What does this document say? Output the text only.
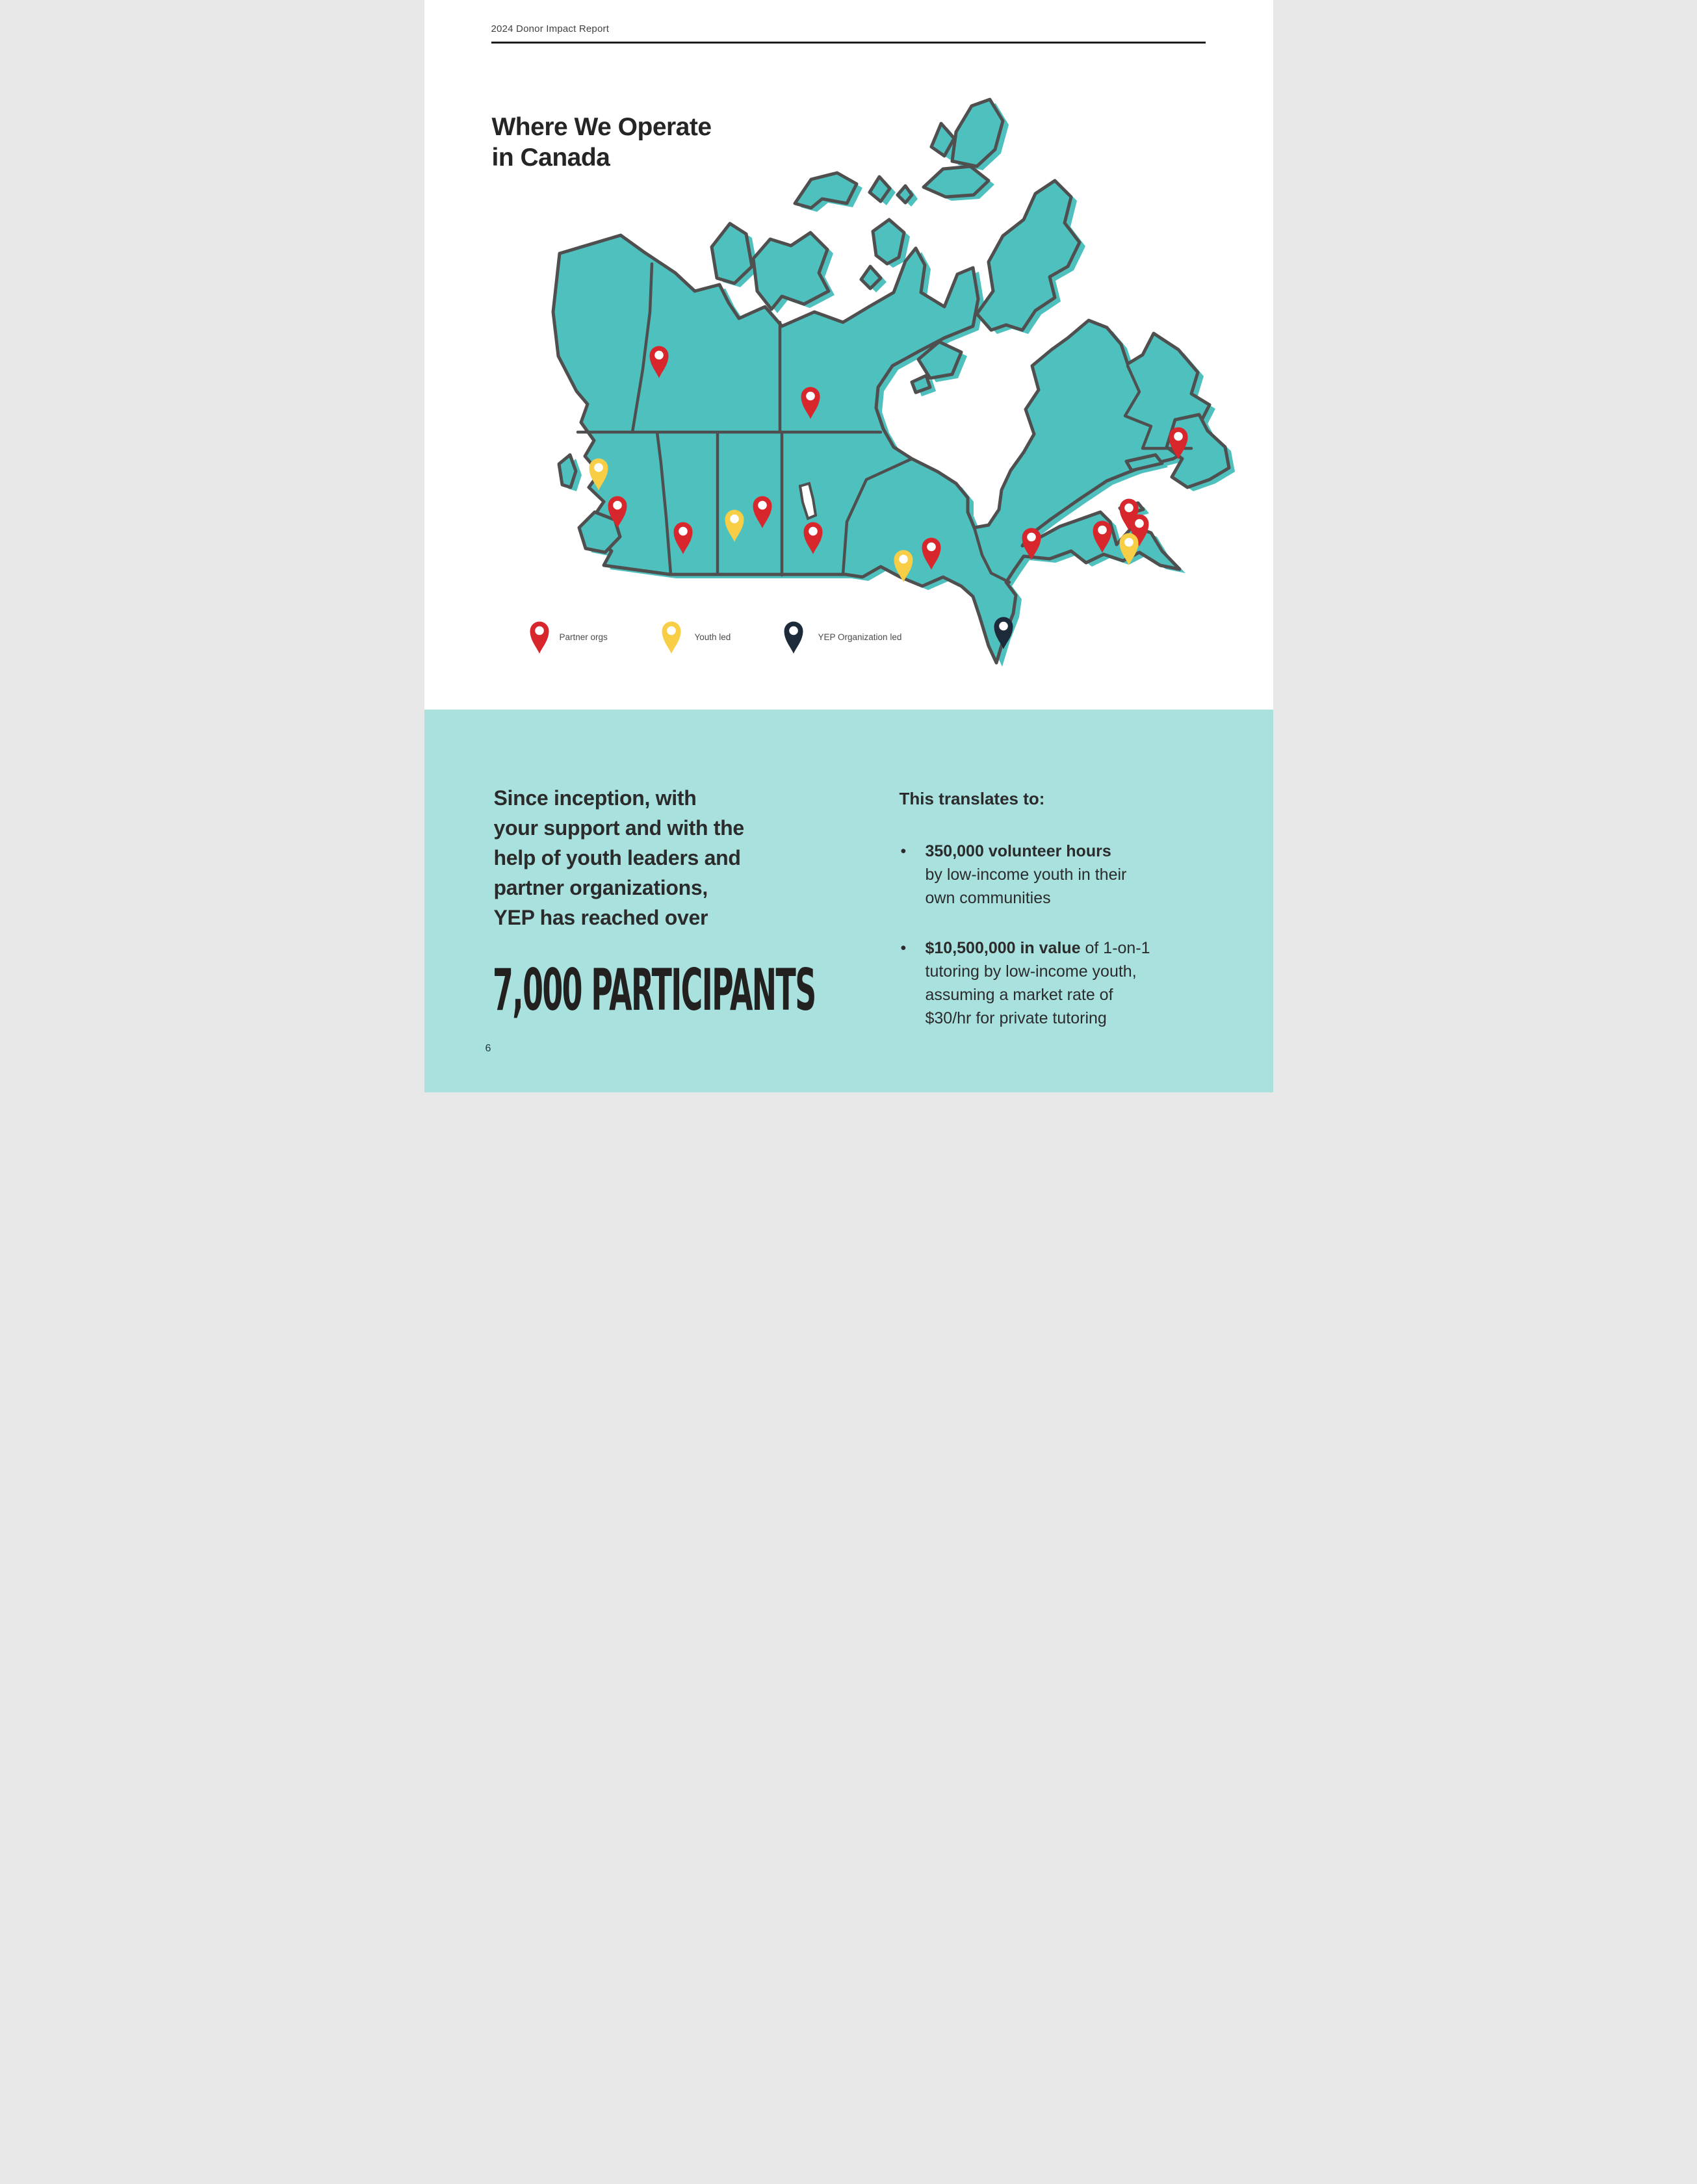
2024 Donor Impact Report
Where We Operate
in Canada
Partner orgs	Youth led	YEP Organization led
Since inception, with
your support and with the
help of youth leaders and
partner organizations,
YEP has reached over
7,000 PARTICIPANTS
This translates to:
• 350,000 volunteer hours
by low-income youth in their
own communities
• $10,500,000 in value of 1-on-1
tutoring by low-income youth,
assuming a market rate of
$30/hr for private tutoring
6
